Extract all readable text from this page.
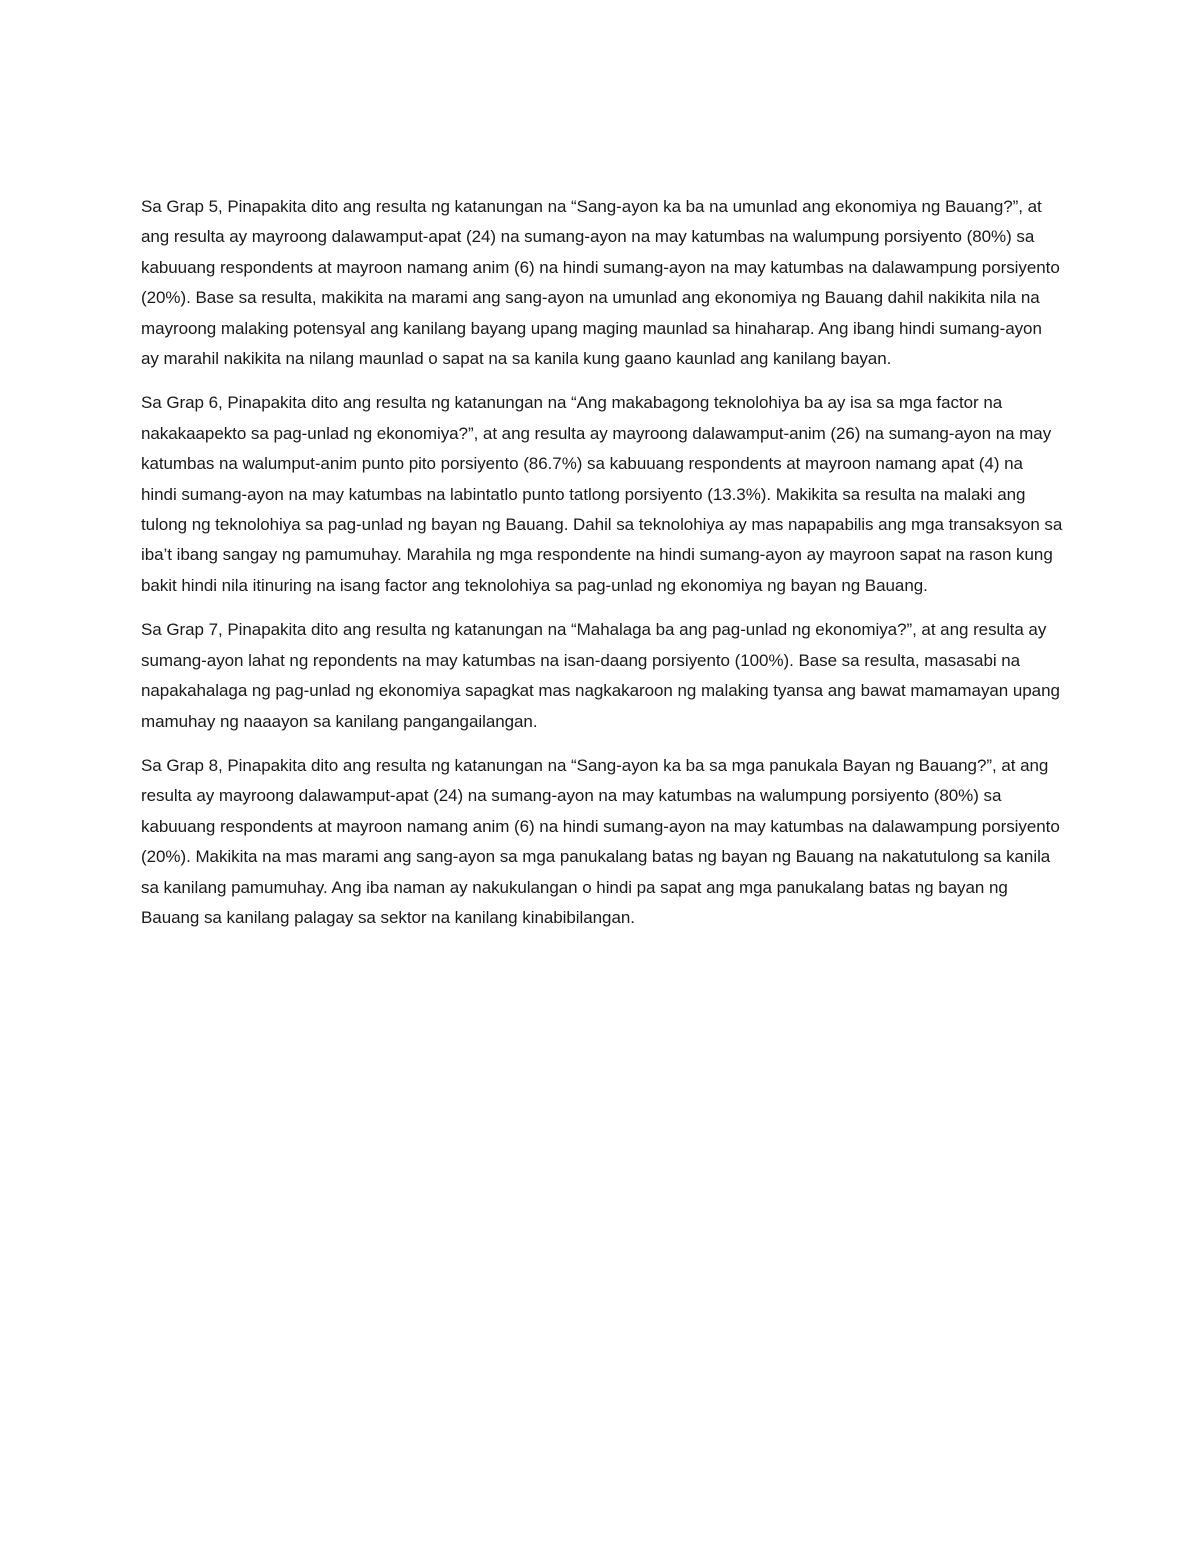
Sa Grap 5, Pinapakita dito ang resulta ng katanungan na “Sang-ayon ka ba na umunlad ang ekonomiya ng Bauang?”, at ang resulta ay mayroong dalawamput-apat (24) na sumang-ayon na may katumbas na walumpung porsiyento (80%) sa kabuuang respondents at mayroon namang anim (6) na hindi sumang-ayon na may katumbas na dalawampung porsiyento (20%). Base sa resulta, makikita na marami ang sang-ayon na umunlad ang ekonomiya ng Bauang dahil nakikita nila na mayroong malaking potensyal ang kanilang bayang upang maging maunlad sa hinaharap. Ang ibang hindi sumang-ayon ay marahil nakikita na nilang maunlad o sapat na sa kanila kung gaano kaunlad ang kanilang bayan.

Sa Grap 6, Pinapakita dito ang resulta ng katanungan na “Ang makabagong teknolohiya ba ay isa sa mga factor na nakakaapekto sa pag-unlad ng ekonomiya?”, at ang resulta ay mayroong dalawamput-anim (26) na sumang-ayon na may katumbas na walumput-anim punto pito porsiyento (86.7%) sa kabuuang respondents at mayroon namang apat (4) na hindi sumang-ayon na may katumbas na labintatlo punto tatlong porsiyento (13.3%). Makikita sa resulta na malaki ang tulong ng teknolohiya sa pag-unlad ng bayan ng Bauang. Dahil sa teknolohiya ay mas napapabilis ang mga transaksyon sa iba’t ibang sangay ng pamumuhay. Marahila ng mga respondente na hindi sumang-ayon ay mayroon sapat na rason kung bakit hindi nila itinuring na isang factor ang teknolohiya sa pag-unlad ng ekonomiya ng bayan ng Bauang.

Sa Grap 7, Pinapakita dito ang resulta ng katanungan na “Mahalaga ba ang pag-unlad ng ekonomiya?”, at ang resulta ay sumang-ayon lahat ng repondents na may katumbas na isan-daang porsiyento (100%). Base sa resulta, masasabi na napakahalaga ng pag-unlad ng ekonomiya sapagkat mas nagkakaroon ng malaking tyansa ang bawat mamamayan upang mamuhay ng naaayon sa kanilang pangangailangan.

Sa Grap 8, Pinapakita dito ang resulta ng katanungan na “Sang-ayon ka ba sa mga panukala Bayan ng Bauang?”, at ang resulta ay mayroong dalawamput-apat (24) na sumang-ayon na may katumbas na walumpung porsiyento (80%) sa kabuuang respondents at mayroon namang anim (6) na hindi sumang-ayon na may katumbas na dalawampung porsiyento (20%). Makikita na mas marami ang sang-ayon sa mga panukalang batas ng bayan ng Bauang na nakatutulong sa kanila sa kanilang pamumuhay. Ang iba naman ay nakukulangan o hindi pa sapat ang mga panukalang batas ng bayan ng Bauang sa kanilang palagay sa sektor na kanilang kinabibilangan.
